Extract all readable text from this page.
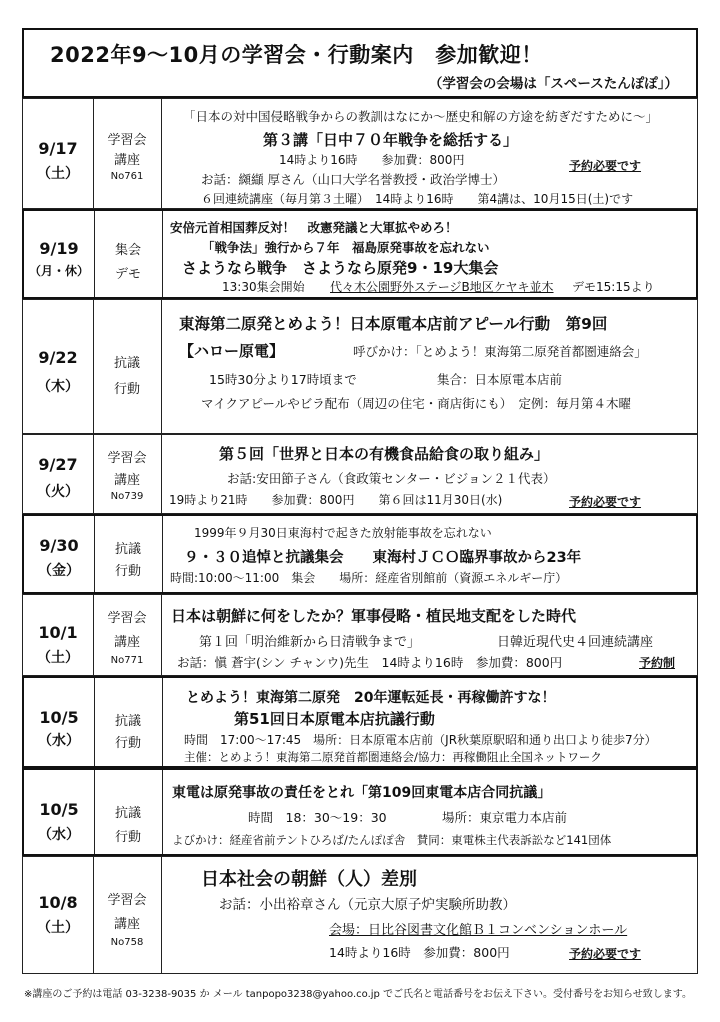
2022年9～10月の学習会・行動案内　参加歓迎！
（学習会の会場は「スペースたんぽぽ」）
9/17
（土）
学習会
講座
No761
「日本の対中国侵略戦争からの教訓はなにか～歴史和解の方途を紡ぎだすために～」
第３講「日中７０年戦争を総括する」
14時より16時　　参加費：800円	予約必要です
お話：纐纈 厚さん（山口大学名誉教授・政治学博士）
６回連続講座（毎月第３土曜）　14時より16時　　第4講は、10月15日(土)です
9/19
（月・休）
集会
デモ
安倍元首相国葬反対！　改憲発議と大軍拡やめろ！
「戦争法」強行から７年　福島原発事故を忘れない
さようなら戦争　さようなら原発9・19大集会
13:30集会開始 代々木公園野外ステージB地区ケヤキ並木 デモ15:15より
9/22
（木）
抗議
行動
東海第二原発とめよう！日本原電本店前アピール行動　第9回
【ハロー原電】	呼びかけ：「とめよう！東海第二原発首都圏連絡会」
15時30分より17時頃まで	集合：日本原電本店前
マイクアピールやビラ配布（周辺の住宅・商店街にも）　定例：毎月第４木曜
9/27
（火）
学習会
講座
No739
第５回「世界と日本の有機食品給食の取り組み」
お話:安田節子さん（食政策センター・ビジョン２１代表）
19時より21時　　参加費：800円　　第６回は11月30日(水)	予約必要です
9/30
（金）
抗議
行動
1999年９月30日東海村で起きた放射能事故を忘れない
９・３０追悼と抗議集会　　東海村ＪＣＯ臨界事故から23年
時間:10:00～11:00　集会　　場所：経産省別館前（資源エネルギー庁）
10/1
（土）
学習会
講座
No771
日本は朝鮮に何をしたか？軍事侵略・植民地支配をした時代
第１回「明治維新から日清戦争まで」	日韓近現代史４回連続講座
お話：愼 蒼宇(シン チャンウ)先生　14時より16時　参加費：800円	予約制
10/5
（水）
抗議
行動
とめよう！東海第二原発　20年運転延長・再稼働許すな！
第51回日本原電本店抗議行動
時間　17:00～17:45　場所：日本原電本店前（JR秋葉原駅昭和通り出口より徒歩7分）
主催：とめよう！東海第二原発首都圏連絡会/協力：再稼働阻止全国ネットワーク
10/5
（水）
抗議
行動
東電は原発事故の責任をとれ「第109回東電本店合同抗議」
時間　18：30～19：30	場所：東京電力本店前
よびかけ：経産省前テントひろば/たんぽぽ舎　賛同：東電株主代表訴訟など141団体
10/8
（土）
学習会
講座
No758
日本社会の朝鮮（人）差別
お話：小出裕章さん（元京大原子炉実験所助教）
会場：日比谷図書文化館Ｂ１コンベンションホール
14時より16時　参加費：800円	予約必要です
※講座のご予約は電話 03-3238-9035 か メール tanpopo3238@yahoo.co.jp でご氏名と電話番号をお伝え下さい。受付番号をお知らせ致します。
